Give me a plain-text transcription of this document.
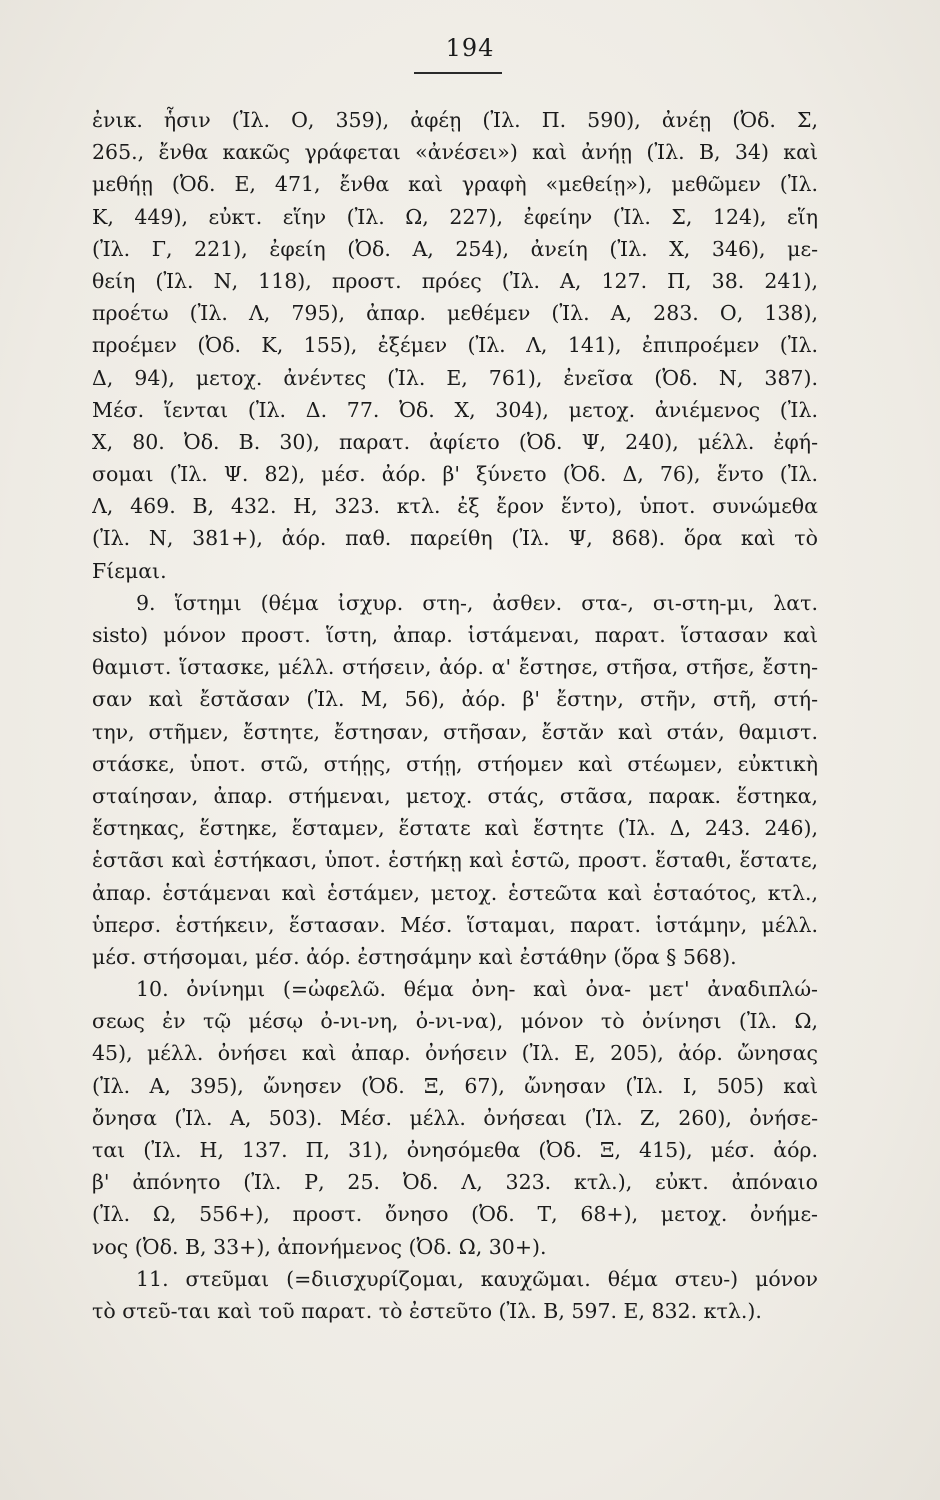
194
ἐνικ. ἧσιν (Ἰλ. Ο, 359), ἀφέῃ (Ἰλ. Π. 590), ἀνέῃ (Ὀδ. Σ,
265., ἔνθα κακῶς γράφεται «ἀνέσει») καὶ ἀνήῃ (Ἰλ. Β, 34) καὶ
μεθήῃ (Ὀδ. Ε, 471, ἔνθα καὶ γραφὴ «μεθείῃ»), μεθῶμεν (Ἰλ.
Κ, 449), εὐκτ. εἵην (Ἰλ. Ω, 227), ἐφείην (Ἰλ. Σ, 124), εἵη
(Ἰλ. Γ, 221), ἐφείη (Ὀδ. Α, 254), ἀνείη (Ἰλ. Χ, 346), με-
θείη (Ἰλ. Ν, 118), προστ. πρόες (Ἰλ. Α, 127. Π, 38. 241),
προέτω (Ἰλ. Λ, 795), ἀπαρ. μεθέμεν (Ἰλ. Α, 283. Ο, 138),
προέμεν (Ὀδ. Κ, 155), ἐξέμεν (Ἰλ. Λ, 141), ἐπιπροέμεν (Ἰλ.
Δ, 94), μετοχ. ἀνέντες (Ἰλ. Ε, 761), ἐνεῖσα (Ὀδ. Ν, 387).
Μέσ. ἵενται (Ἰλ. Δ. 77. Ὀδ. Χ, 304), μετοχ. ἀνιέμενος (Ἰλ.
Χ, 80. Ὀδ. Β. 30), παρατ. ἀφίετο (Ὀδ. Ψ, 240), μέλλ. ἐφή-
σομαι (Ἰλ. Ψ. 82), μέσ. ἀόρ. β' ξύνετο (Ὀδ. Δ, 76), ἕντο (Ἰλ.
Λ, 469. Β, 432. Η, 323. κτλ. ἐξ ἔρον ἕντο), ὑποτ. συνώμεθα
(Ἰλ. Ν, 381+), ἀόρ. παθ. παρείθη (Ἰλ. Ψ, 868). ὅρα καὶ τὸ
Ϝίεμαι.
9. ἵστημι (θέμα ἰσχυρ. στη-, ἀσθεν. στα-, σι-στη-μι, λατ.
sisto) μόνον προστ. ἵστη, ἀπαρ. ἱστάμεναι, παρατ. ἵστασαν καὶ
θαμιστ. ἵστασκε, μέλλ. στήσειν, ἀόρ. α' ἔστησε, στῆσα, στῆσε, ἔστη-
σαν καὶ ἔστᾰσαν (Ἰλ. Μ, 56), ἀόρ. β' ἔστην, στῆν, στῆ, στή-
την, στῆμεν, ἔστητε, ἔστησαν, στῆσαν, ἔστᾰν καὶ στάν, θαμιστ.
στάσκε, ὑποτ. στῶ, στήῃς, στήῃ, στήομεν καὶ στέωμεν, εὐκτικὴ
σταίησαν, ἀπαρ. στήμεναι, μετοχ. στάς, στᾶσα, παρακ. ἕστηκα,
ἕστηκας, ἕστηκε, ἕσταμεν, ἕστατε καὶ ἕστητε (Ἰλ. Δ, 243. 246),
ἑστᾶσι καὶ ἑστήκασι, ὑποτ. ἑστήκῃ καὶ ἑστῶ, προστ. ἕσταθι, ἕστατε,
ἀπαρ. ἑστάμεναι καὶ ἑστάμεν, μετοχ. ἑστεῶτα καὶ ἑσταότος, κτλ.,
ὑπερσ. ἑστήκειν, ἕστασαν. Μέσ. ἵσταμαι, παρατ. ἱστάμην, μέλλ.
μέσ. στήσομαι, μέσ. ἀόρ. ἐστησάμην καὶ ἐστάθην (ὅρα § 568).
10. ὀνίνημι (=ὠφελῶ. θέμα ὀνη- καὶ ὀνα- μετ' ἀναδιπλώ-
σεως ἐν τῷ μέσῳ ὀ-νι-νη, ὀ-νι-να), μόνον τὸ ὀνίνησι (Ἰλ. Ω,
45), μέλλ. ὀνήσει καὶ ἀπαρ. ὀνήσειν (Ἰλ. Ε, 205), ἀόρ. ὤνησας
(Ἰλ. Α, 395), ὤνησεν (Ὀδ. Ξ, 67), ὤνησαν (Ἰλ. Ι, 505) καὶ
ὄνησα (Ἰλ. Α, 503). Μέσ. μέλλ. ὀνήσεαι (Ἰλ. Ζ, 260), ὀνήσε-
ται (Ἰλ. Η, 137. Π, 31), ὀνησόμεθα (Ὀδ. Ξ, 415), μέσ. ἀόρ.
β' ἀπόνητο (Ἰλ. Ρ, 25. Ὀδ. Λ, 323. κτλ.), εὐκτ. ἀπόναιο
(Ἰλ. Ω, 556+), προστ. ὄνησο (Ὀδ. Τ, 68+), μετοχ. ὀνήμε-
νος (Ὀδ. Β, 33+), ἀπονήμενος (Ὀδ. Ω, 30+).
11. στεῦμαι (=διισχυρίζομαι, καυχῶμαι. θέμα στευ-) μόνον
τὸ στεῦ-ται καὶ τοῦ παρατ. τὸ ἐστεῦτο (Ἰλ. Β, 597. Ε, 832. κτλ.).
